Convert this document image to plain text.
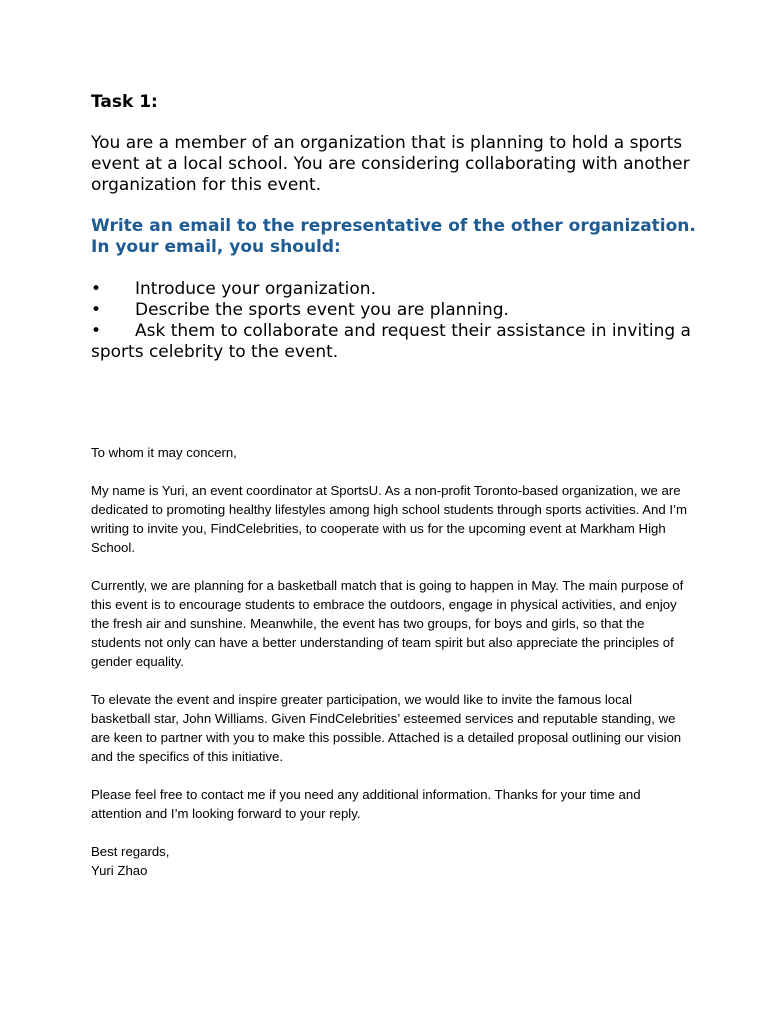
Task 1:

You are a member of an organization that is planning to hold a sports event at a local school. You are considering collaborating with another organization for this event.

Write an email to the representative of the other organization. In your email, you should:

• Introduce your organization.
• Describe the sports event you are planning.
• Ask them to collaborate and request their assistance in inviting a sports celebrity to the event.

To whom it may concern,

My name is Yuri, an event coordinator at SportsU. As a non-profit Toronto-based organization, we are dedicated to promoting healthy lifestyles among high school students through sports activities. And I’m writing to invite you, FindCelebrities, to cooperate with us for the upcoming event at Markham High School.

Currently, we are planning for a basketball match that is going to happen in May. The main purpose of this event is to encourage students to embrace the outdoors, engage in physical activities, and enjoy the fresh air and sunshine. Meanwhile, the event has two groups, for boys and girls, so that the students not only can have a better understanding of team spirit but also appreciate the principles of gender equality.

To elevate the event and inspire greater participation, we would like to invite the famous local basketball star, John Williams. Given FindCelebrities’ esteemed services and reputable standing, we are keen to partner with you to make this possible. Attached is a detailed proposal outlining our vision and the specifics of this initiative.

Please feel free to contact me if you need any additional information. Thanks for your time and attention and I’m looking forward to your reply.

Best regards,

Yuri Zhao
